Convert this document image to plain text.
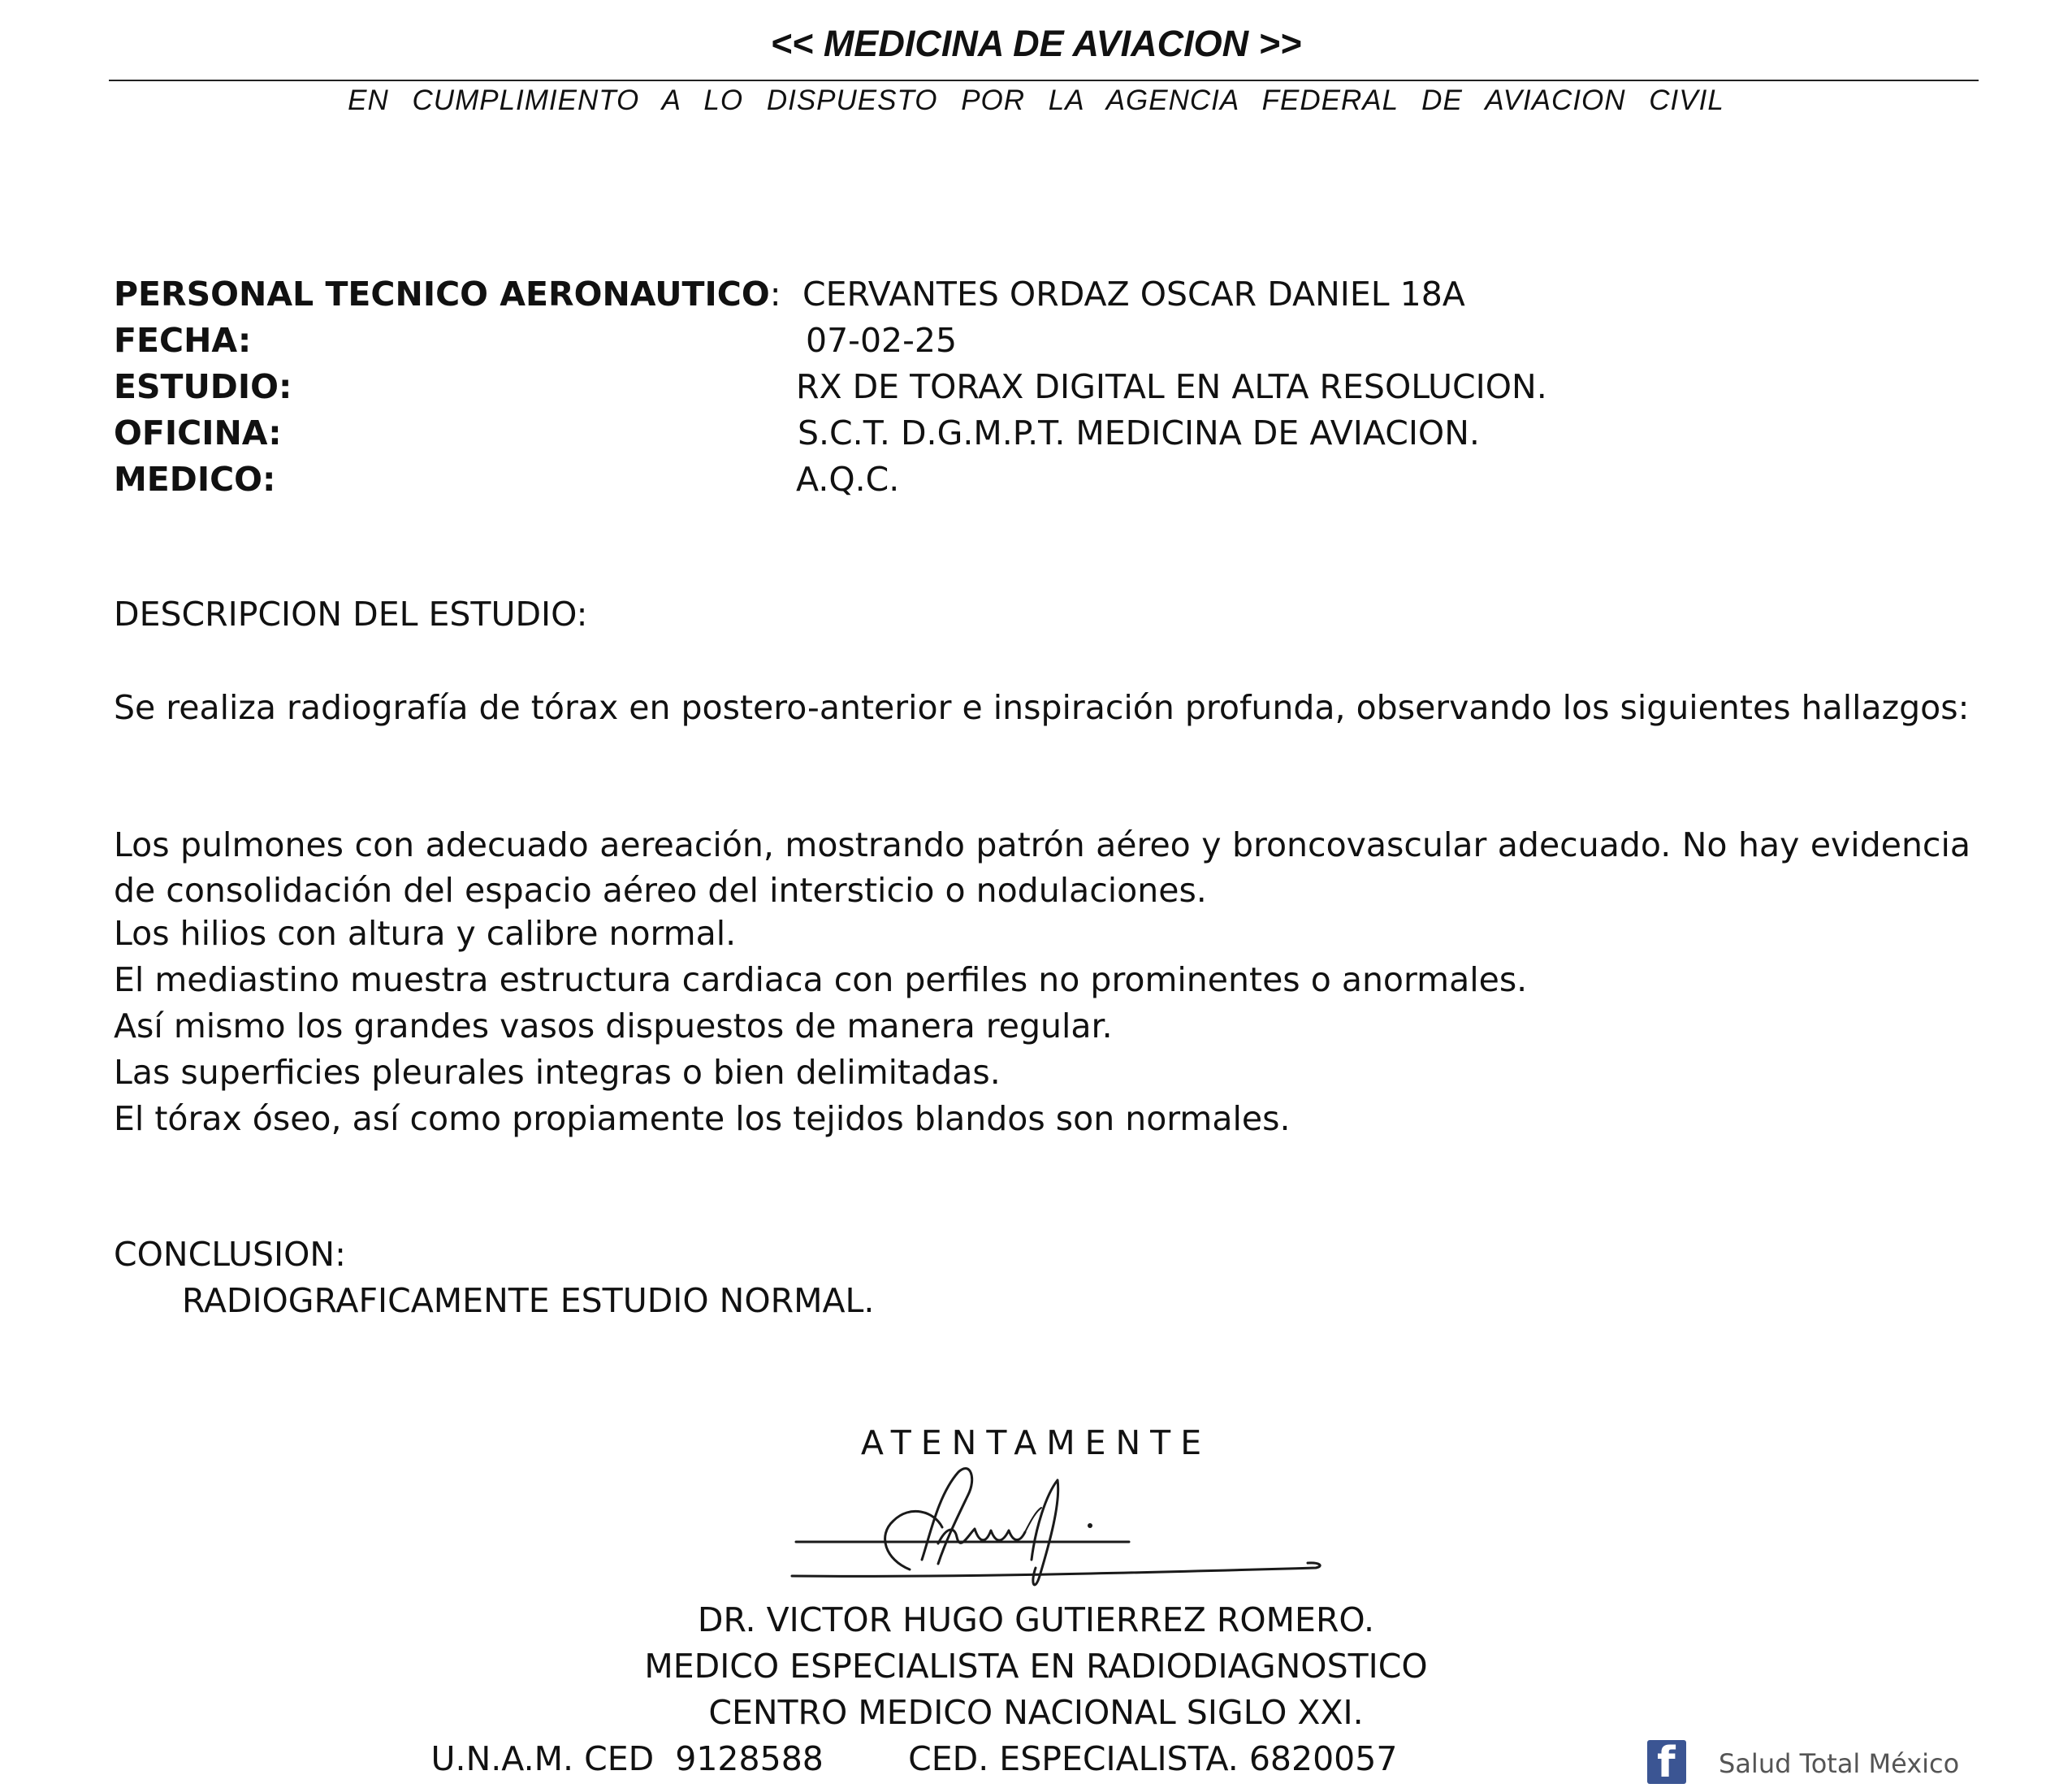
<< MEDICINA DE AVIACION >>
EN CUMPLIMIENTO A LO DISPUESTO POR LA AGENCIA FEDERAL DE AVIACION CIVIL
PERSONAL TECNICO AERONAUTICO: CERVANTES ORDAZ OSCAR DANIEL 18A
FECHA:	07-02-25
ESTUDIO:	RX DE TORAX DIGITAL EN ALTA RESOLUCION.
OFICINA:	S.C.T. D.G.M.P.T. MEDICINA DE AVIACION.
MEDICO:	A.Q.C.
DESCRIPCION DEL ESTUDIO:
Se realiza radiografía de tórax en postero-anterior e inspiración profunda, observando los siguientes hallazgos:
Los pulmones con adecuado aereación, mostrando patrón aéreo y broncovascular adecuado. No hay evidencia de consolidación del espacio aéreo del intersticio o nodulaciones.
Los hilios con altura y calibre normal.
El mediastino muestra estructura cardiaca con perfiles no prominentes o anormales.
Así mismo los grandes vasos dispuestos de manera regular.
Las superficies pleurales integras o bien delimitadas.
El tórax óseo, así como propiamente los tejidos blandos son normales.
CONCLUSION:
RADIOGRAFICAMENTE ESTUDIO NORMAL.
ATENTAMENTE
DR. VICTOR HUGO GUTIERREZ ROMERO.
MEDICO ESPECIALISTA EN RADIODIAGNOSTICO
CENTRO MEDICO NACIONAL SIGLO XXI.
U.N.A.M. CED  9128588        CED. ESPECIALISTA. 6820057	f Salud Total México
